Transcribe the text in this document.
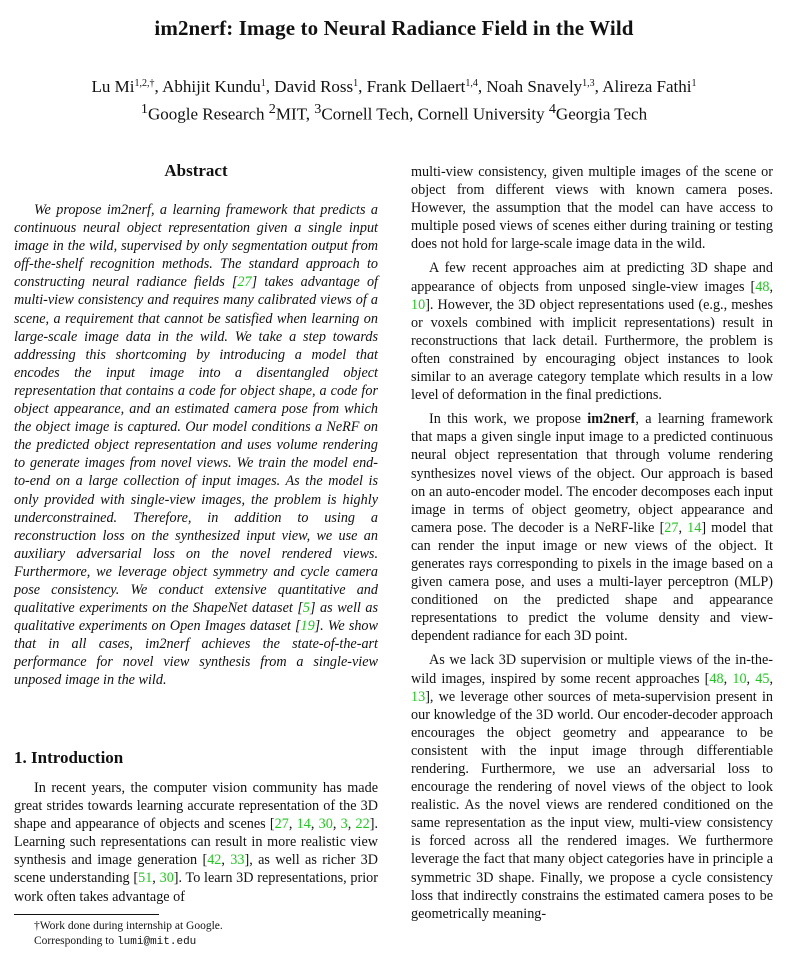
im2nerf: Image to Neural Radiance Field in the Wild
Lu $Mi^{1,2,\dagger}$, Abhijit Kundu$^1$, David Ross$^1$, Frank Dellaert$^{1,4}$, Noah Snavely$^{1,3}$, Alireza Fathi$^1$
$^1$Google Research $^2$MIT, $^3$Cornell Tech, Cornell University $^4$Georgia Tech
Abstract
We propose im2nerf, a learning framework that predicts a continuous neural object representation given a single input image in the wild, supervised by only segmentation output from off-the-shelf recognition methods. The standard approach to constructing neural radiance fields [27] takes advantage of multi-view consistency and requires many calibrated views of a scene, a requirement that cannot be satisfied when learning on large-scale image data in the wild. We take a step towards addressing this shortcoming by introducing a model that encodes the input image into a disentangled object representation that contains a code for object shape, a code for object appearance, and an estimated camera pose from which the object image is captured. Our model conditions a NeRF on the predicted object representation and uses volume rendering to generate images from novel views. We train the model end-to-end on a large collection of input images. As the model is only provided with single-view images, the problem is highly underconstrained. Therefore, in addition to using a reconstruction loss on the synthesized input view, we use an auxiliary adversarial loss on the novel rendered views. Furthermore, we leverage object symmetry and cycle camera pose consistency. We conduct extensive quantitative and qualitative experiments on the ShapeNet dataset [5] as well as qualitative experiments on Open Images dataset [19]. We show that in all cases, im2nerf achieves the state-of-the-art performance for novel view synthesis from a single-view unposed image in the wild.
1. Introduction
In recent years, the computer vision community has made great strides towards learning accurate representation of the 3D shape and appearance of objects and scenes [27, 14, 30, 3, 22]. Learning such representations can result in more realistic view synthesis and image generation [42, 33], as well as richer 3D scene understanding [51, 30]. To learn 3D representations, prior work often takes advantage of
†Work done during internship at Google.
Corresponding to lumi@mit.edu

multi-view consistency, given multiple images of the scene or object from different views with known camera poses. However, the assumption that the model can have access to multiple posed views of scenes either during training or testing does not hold for large-scale image data in the wild.

A few recent approaches aim at predicting 3D shape and appearance of objects from unposed single-view images [48, 10]. However, the 3D object representations used (e.g., meshes or voxels combined with implicit representations) result in reconstructions that lack detail. Furthermore, the problem is often constrained by encouraging object instances to look similar to an average category template which results in a low level of deformation in the final predictions.

In this work, we propose im2nerf, a learning framework that maps a given single input image to a predicted continuous neural object representation that through volume rendering synthesizes novel views of the object. Our approach is based on an auto-encoder model. The encoder decomposes each input image in terms of object geometry, object appearance and camera pose. The decoder is a NeRF-like [27, 14] model that can render the input image or new views of the object. It generates rays corresponding to pixels in the image based on a given camera pose, and uses a multi-layer perceptron (MLP) conditioned on the predicted shape and appearance representations to predict the volume density and view-dependent radiance for each 3D point.

As we lack 3D supervision or multiple views of the in-the-wild images, inspired by some recent approaches [48, 10, 45, 13], we leverage other sources of meta-supervision present in our knowledge of the 3D world. Our encoder-decoder approach encourages the object geometry and appearance to be consistent with the input image through differentiable rendering. Furthermore, we use an adversarial loss to encourage the rendering of novel views of the object to look realistic. As the novel views are rendered conditioned on the same representation as the input view, multi-view consistency is forced across all the rendered images. We furthermore leverage the fact that many object categories have in principle a symmetric 3D shape. Finally, we propose a cycle consistency loss that indirectly constrains the estimated camera poses to be geometrically meaning-
